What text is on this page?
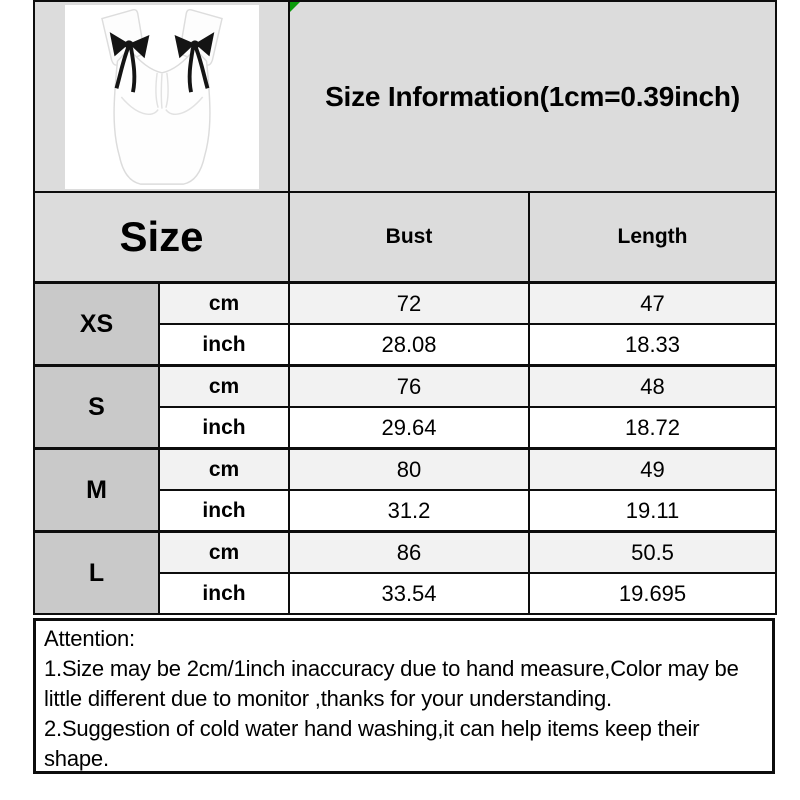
Size Information(1cm=0.39inch)	

Size		Bust	Length
XS	cm	72	47
	inch	28.08	18.33
S	cm	76	48
	inch	29.64	18.72
M	cm	80	49
	inch	31.2	19.11
L	cm	86	50.5
	inch	33.54	19.695
Attention:
1.Size may be 2cm/1inch inaccuracy due to hand measure,Color may be little different due to monitor ,thanks for your understanding.
2.Suggestion of cold water hand washing,it can help items keep their shape.
